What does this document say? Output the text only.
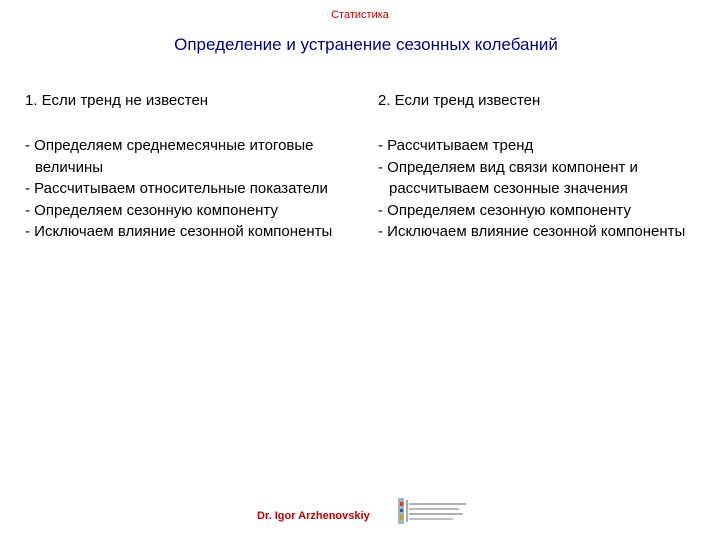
Статистика
Определение и устранение сезонных колебаний

1. Если тренд не известен

- Определяем среднемесячные итоговые величины

- Рассчитываем относительные показатели

- Определяем сезонную компоненту

- Исключаем влияние сезонной компоненты

2. Если тренд известен

- Рассчитываем тренд

- Определяем вид связи компонент и рассчитываем сезонные значения

- Определяем сезонную компоненту

- Исключаем влияние сезонной компоненты

Dr. Igor Arzhenovskiy
